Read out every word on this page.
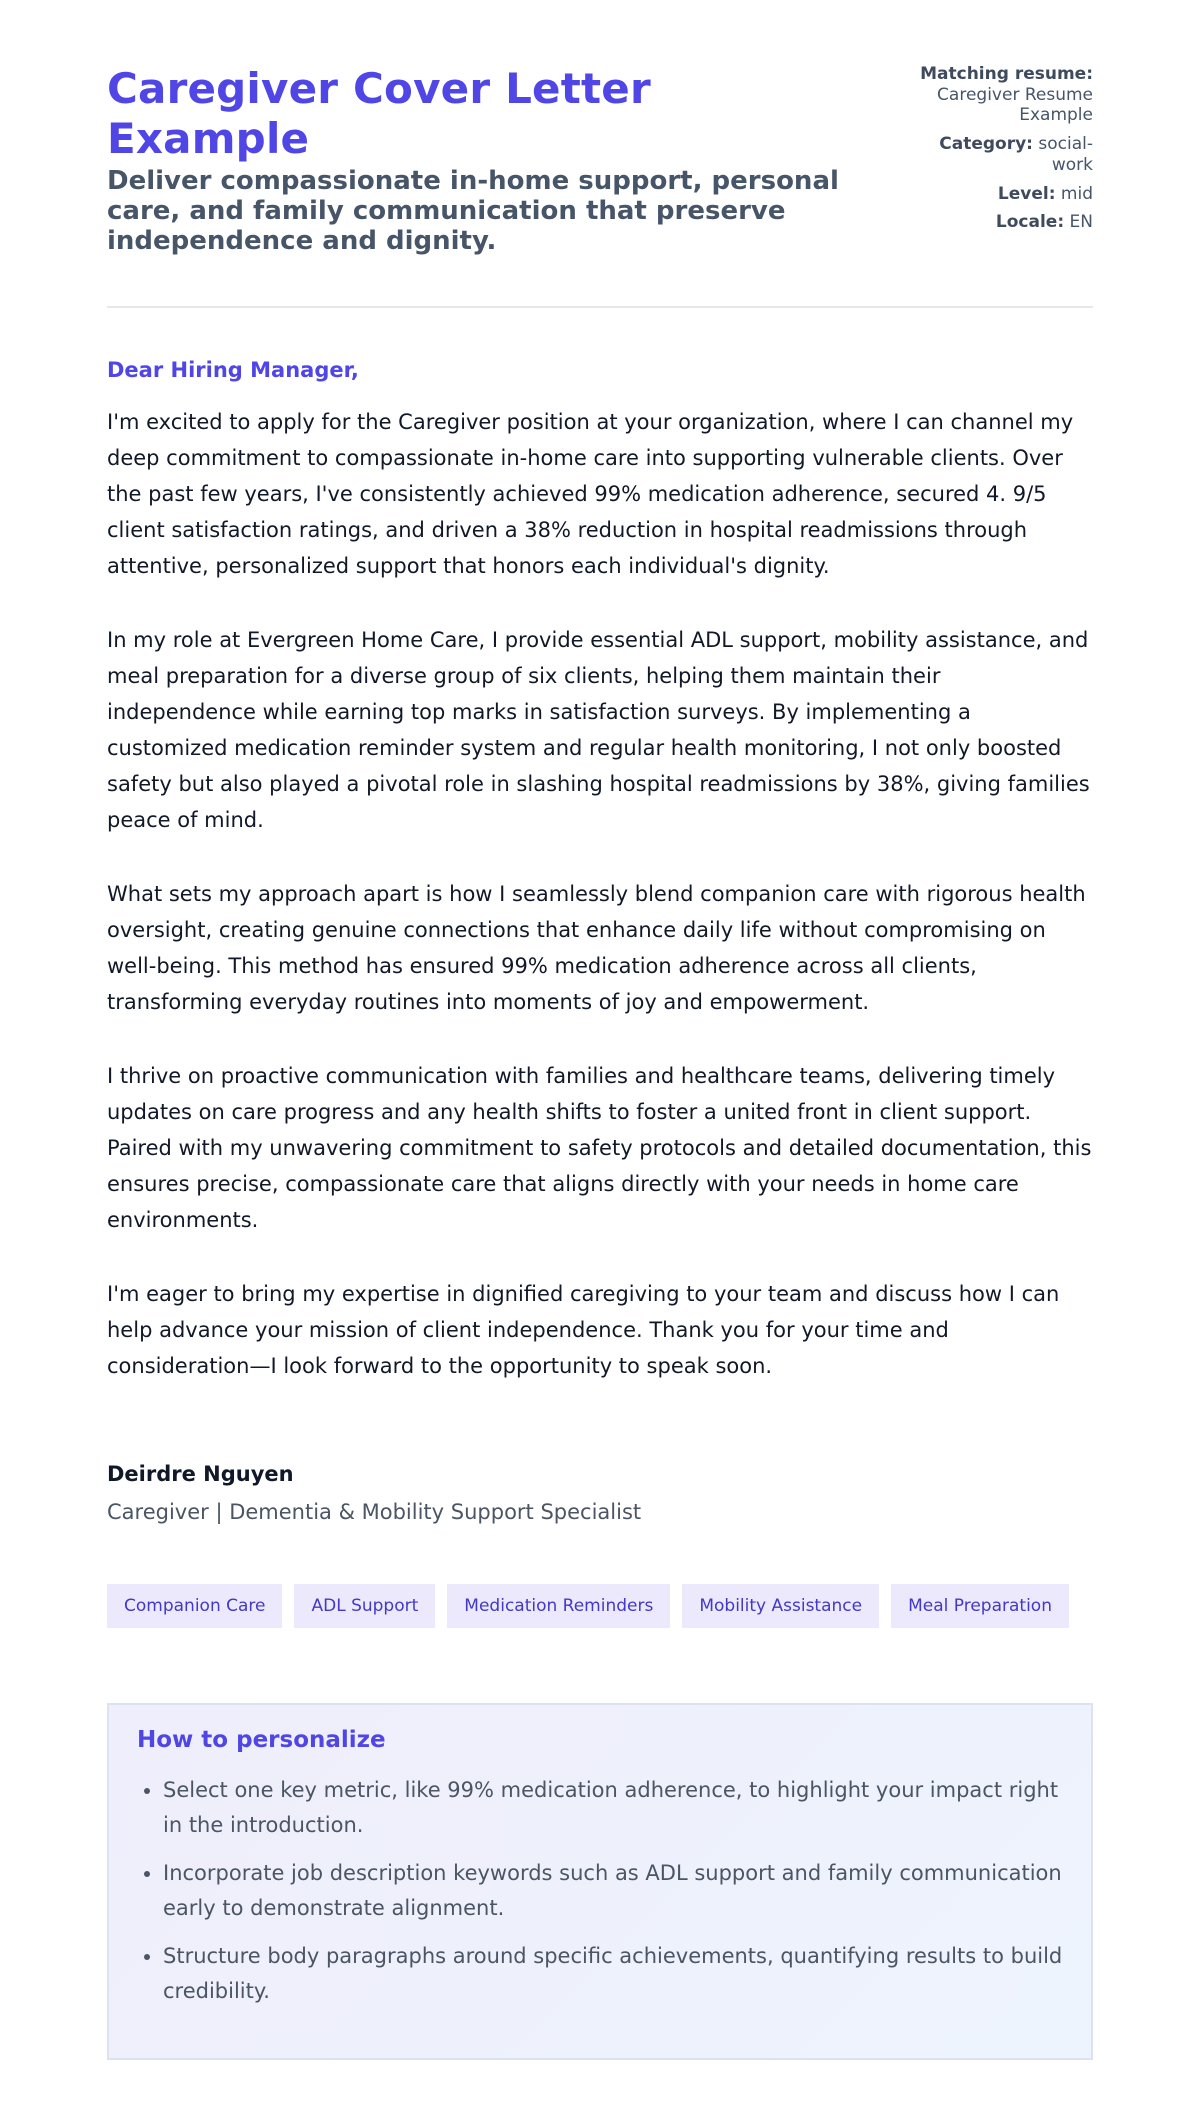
Caregiver Cover Letter Example
Deliver compassionate in-home support, personal care, and family communication that preserve independence and dignity.
Matching resume:
Caregiver Resume Example
Category: social-work
Level: mid
Locale: EN
Dear Hiring Manager,

I'm excited to apply for the Caregiver position at your organization, where I can channel my deep commitment to compassionate in-home care into supporting vulnerable clients. Over the past few years, I've consistently achieved 99% medication adherence, secured 4. 9/5 client satisfaction ratings, and driven a 38% reduction in hospital readmissions through attentive, personalized support that honors each individual's dignity.

In my role at Evergreen Home Care, I provide essential ADL support, mobility assistance, and meal preparation for a diverse group of six clients, helping them maintain their independence while earning top marks in satisfaction surveys. By implementing a customized medication reminder system and regular health monitoring, I not only boosted safety but also played a pivotal role in slashing hospital readmissions by 38%, giving families peace of mind.

What sets my approach apart is how I seamlessly blend companion care with rigorous health oversight, creating genuine connections that enhance daily life without compromising on well-being. This method has ensured 99% medication adherence across all clients, transforming everyday routines into moments of joy and empowerment.

I thrive on proactive communication with families and healthcare teams, delivering timely updates on care progress and any health shifts to foster a united front in client support. Paired with my unwavering commitment to safety protocols and detailed documentation, this ensures precise, compassionate care that aligns directly with your needs in home care environments.

I'm eager to bring my expertise in dignified caregiving to your team and discuss how I can help advance your mission of client independence. Thank you for your time and consideration—I look forward to the opportunity to speak soon.

Deirdre Nguyen

Caregiver | Dementia & Mobility Support Specialist

Companion Care	ADL Support	Medication Reminders	Mobility Assistance	Meal Preparation
How to personalize
• Select one key metric, like 99% medication adherence, to highlight your impact right in the introduction.
• Incorporate job description keywords such as ADL support and family communication early to demonstrate alignment.
• Structure body paragraphs around specific achievements, quantifying results to build credibility.
